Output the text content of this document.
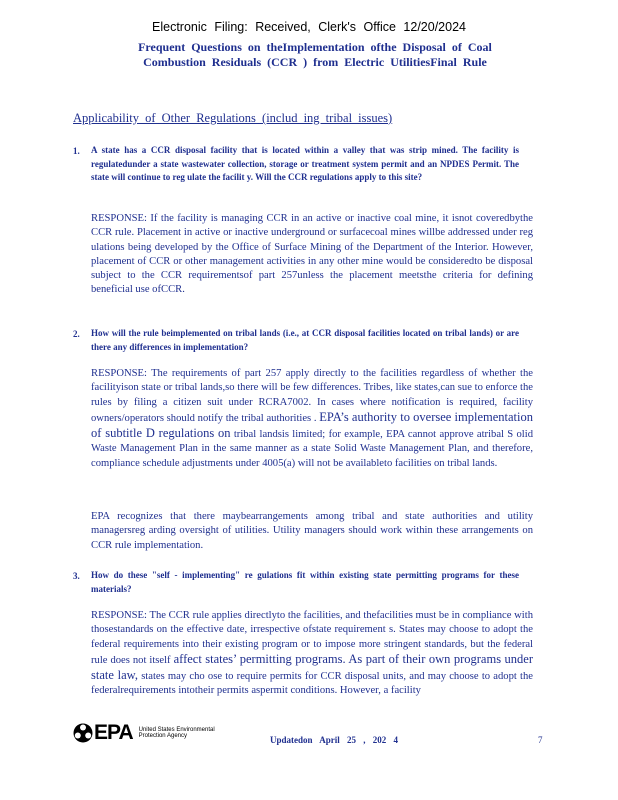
Electronic Filing: Received, Clerk's Office 12/20/2024
Frequent Questions on theImplementation ofthe Disposal of Coal
Combustion Residuals (CCR ) from Electric UtilitiesFinal Rule
Applicability of Other Regulations (includ ing tribal issues)
1. A state has a CCR disposal facility that is located within a valley that was strip mined. The facility is regulatedunder a state wastewater collection, storage or treatment system permit and an NPDES Permit. The state will continue to reg ulate the facilit y. Will the CCR regulations apply to this site?
RESPONSE: If the facility is managing CCR in an active or inactive coal mine, it isnot coveredbythe CCR rule. Placement in active or inactive underground or surfacecoal mines willbe addressed under reg ulations being developed by the Office of Surface Mining of the Department of the Interior. However, placement of CCR or other management activities in any other mine would be consideredto be disposal subject to the CCR requirementsof part 257unless the placement meetsthe criteria for defining beneficial use ofCCR.
2. How will the rule beimplemented on tribal lands (i.e., at CCR disposal facilities located on tribal lands) or are there any differences in implementation?
RESPONSE: The requirements of part 257 apply directly to the facilities regardless of whether the facilityison state or tribal lands,so there will be few differences. Tribes, like states,can sue to enforce the rules by filing a citizen suit under RCRA7002. In cases where notification is required, facility owners/operators should notify the tribal authorities . EPA’s authority to oversee implementation of subtitle D regulations on tribal landsis limited; for example, EPA cannot approve atribal S olid Waste Management Plan in the same manner as a state Solid Waste Management Plan, and therefore, compliance schedule adjustments under 4005(a) will not be availableto facilities on tribal lands.
EPA recognizes that there maybearrangements among tribal and state authorities and utility managersreg arding oversight of utilities. Utility managers should work within these arrangements on CCR rule implementation.
3. How do these "self - implementing" re gulations fit within existing state permitting programs for these materials?
RESPONSE: The CCR rule applies directlyto the facilities, and thefacilities must be in compliance with thosestandards on the effective date, irrespective ofstate requirement s. States may choose to adopt the federal requirements into their existing program or to impose more stringent standards, but the federal rule does not itself affect states’ permitting programs. As part of their own programs under state law, states may cho ose to require permits for CCR disposal units, and may choose to adopt the federalrequirements intotheir permits aspermit conditions. However, a facility
EPA United States Environmental Protection Agency	Updatedon April 25 , 202 4	7
